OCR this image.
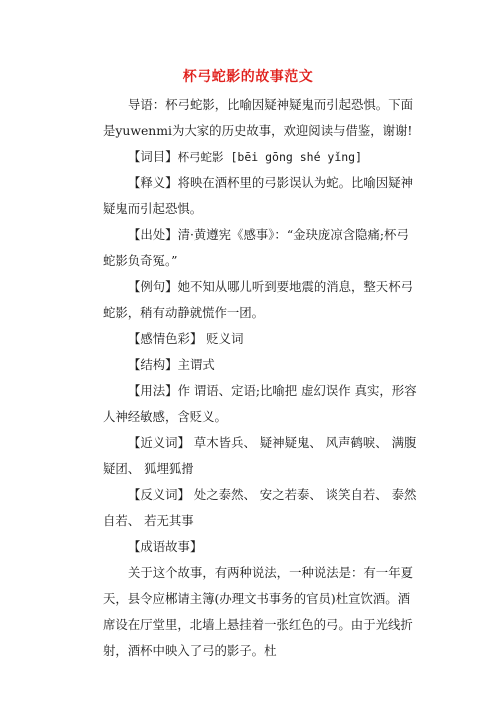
杯弓蛇影的故事范文

导语：杯弓蛇影，比喻因疑神疑鬼而引起恐惧。下面是yuwenmi为大家的历史故事，欢迎阅读与借鉴，谢谢!

【词目】杯弓蛇影 [bēi gōng shé yǐng]

【释义】将映在酒杯里的弓影误认为蛇。比喻因疑神疑鬼而引起恐惧。

【出处】清·黄遵宪《感事》：“金玦庞凉含隐痛;杯弓蛇影负奇冤。”

【例句】她不知从哪儿听到要地震的消息，整天杯弓蛇影，稍有动静就慌作一团。

【感情色彩】 贬义词

【结构】主谓式

【用法】作 谓语、定语;比喻把 虚幻误作 真实，形容人神经敏感，含贬义。

【近义词】 草木皆兵、 疑神疑鬼、 风声鹤唳、 满腹疑团、 狐埋狐搰

【反义词】 处之泰然、 安之若泰、 谈笑自若、 泰然自若、 若无其事

【成语故事】

关于这个故事，有两种说法，一种说法是：有一年夏天，县令应郴请主簿(办理文书事务的官员)杜宣饮酒。酒席设在厅堂里，北墙上悬挂着一张红色的弓。由于光线折射，酒杯中映入了弓的影子。杜
